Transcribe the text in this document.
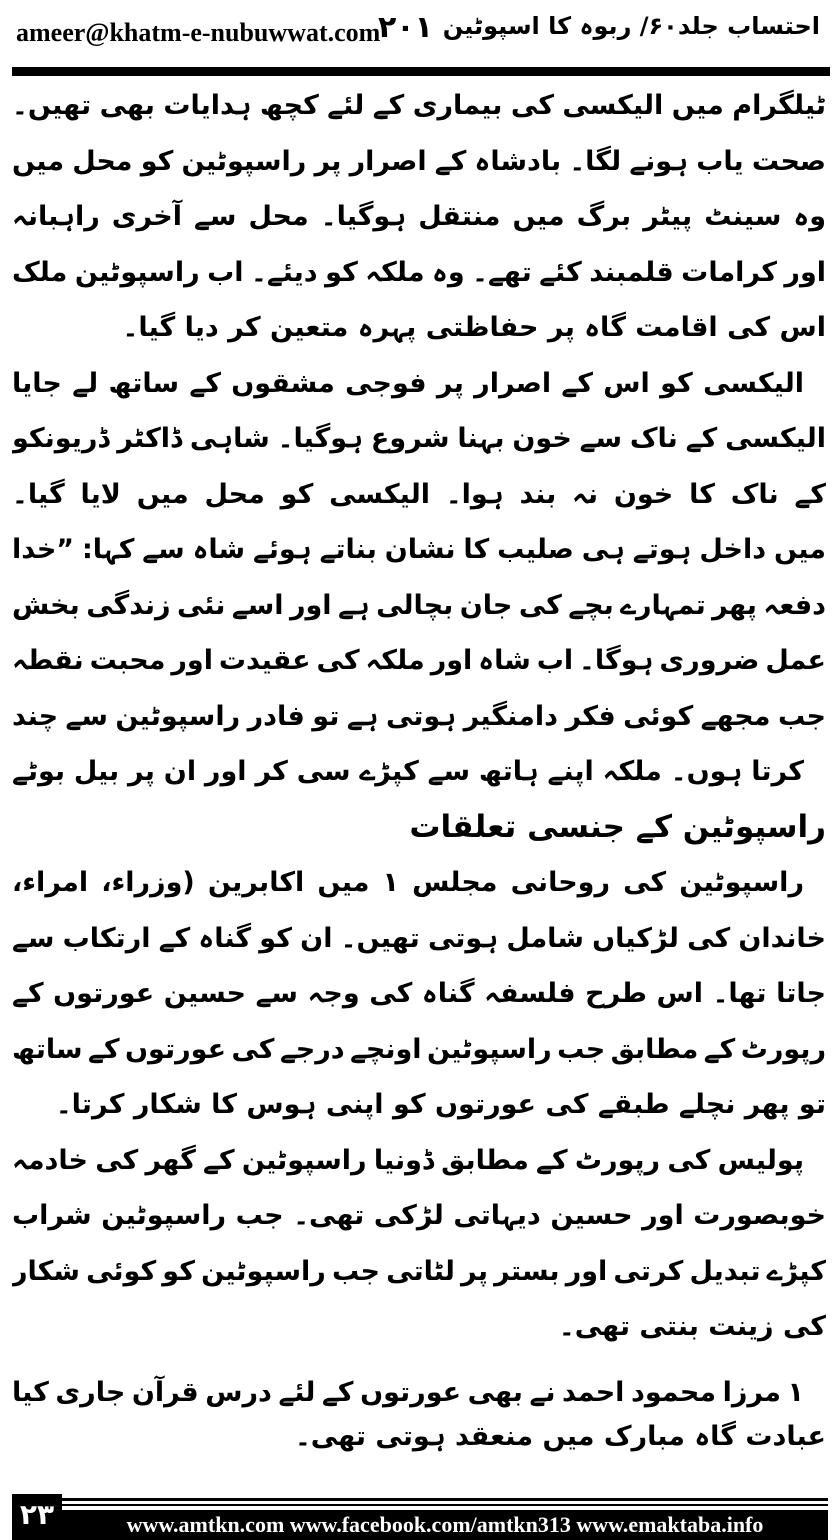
ameer@khatm-e-nubuwwat.com
۲۰۱ احتساب جلد۶۰/ ربوہ کا اسپوٹین
ٹیلگرام میں الیکسی کی بیماری کے لئے کچھ ہدایات بھی تھیں۔
صحت یاب ہونے لگا۔ بادشاہ کے اصرار پر راسپوٹین کو محل میں
وہ سینٹ پیٹر برگ میں منتقل ہوگیا۔ محل سے آخری راہبانہ
اور کرامات قلمبند کئے تھے۔ وہ ملکہ کو دیئے۔ اب راسپوٹین ملک
اس کی اقامت گاہ پر حفاظتی پہرہ متعین کر دیا گیا۔
الیکسی کو اس کے اصرار پر فوجی مشقوں کے ساتھ لے جایا
الیکسی کے ناک سے خون بہنا شروع ہوگیا۔ شاہی ڈاکٹر ڈریونکو
کے ناک کا خون نہ بند ہوا۔ الیکسی کو محل میں لایا گیا۔
میں داخل ہوتے ہی صلیب کا نشان بناتے ہوئے شاہ سے کہا: ”خدا
دفعہ پھر تمہارے بچے کی جان بچالی ہے اور اسے نئی زندگی بخش
عمل ضروری ہوگا۔ اب شاہ اور ملکہ کی عقیدت اور محبت نقطہ
جب مجھے کوئی فکر دامنگیر ہوتی ہے تو فادر راسپوٹین سے چند
کرتا ہوں۔ ملکہ اپنے ہاتھ سے کپڑے سی کر اور ان پر بیل بوٹے
راسپوٹین کے جنسی تعلقات
راسپوٹین کی روحانی مجلس ۱ میں اکابرین (وزراء، امراء،
خاندان کی لڑکیاں شامل ہوتی تھیں۔ ان کو گناہ کے ارتکاب سے
جاتا تھا۔ اس طرح فلسفہ گناہ کی وجہ سے حسین عورتوں کے
رپورٹ کے مطابق جب راسپوٹین اونچے درجے کی عورتوں کے ساتھ
تو پھر نچلے طبقے کی عورتوں کو اپنی ہوس کا شکار کرتا۔
پولیس کی رپورٹ کے مطابق ڈونیا راسپوٹین کے گھر کی خادمہ
خوبصورت اور حسین دیہاتی لڑکی تھی۔ جب راسپوٹین شراب
کپڑے تبدیل کرتی اور بستر پر لٹاتی جب راسپوٹین کو کوئی شکار
کی زینت بنتی تھی۔
۱ مرزا محمود احمد نے بھی عورتوں کے لئے درس قرآن جاری کیا
عبادت گاہ مبارک میں منعقد ہوتی تھی۔
۲۳	www.amtkn.com www.facebook.com/amtkn313 www.emaktaba.info
